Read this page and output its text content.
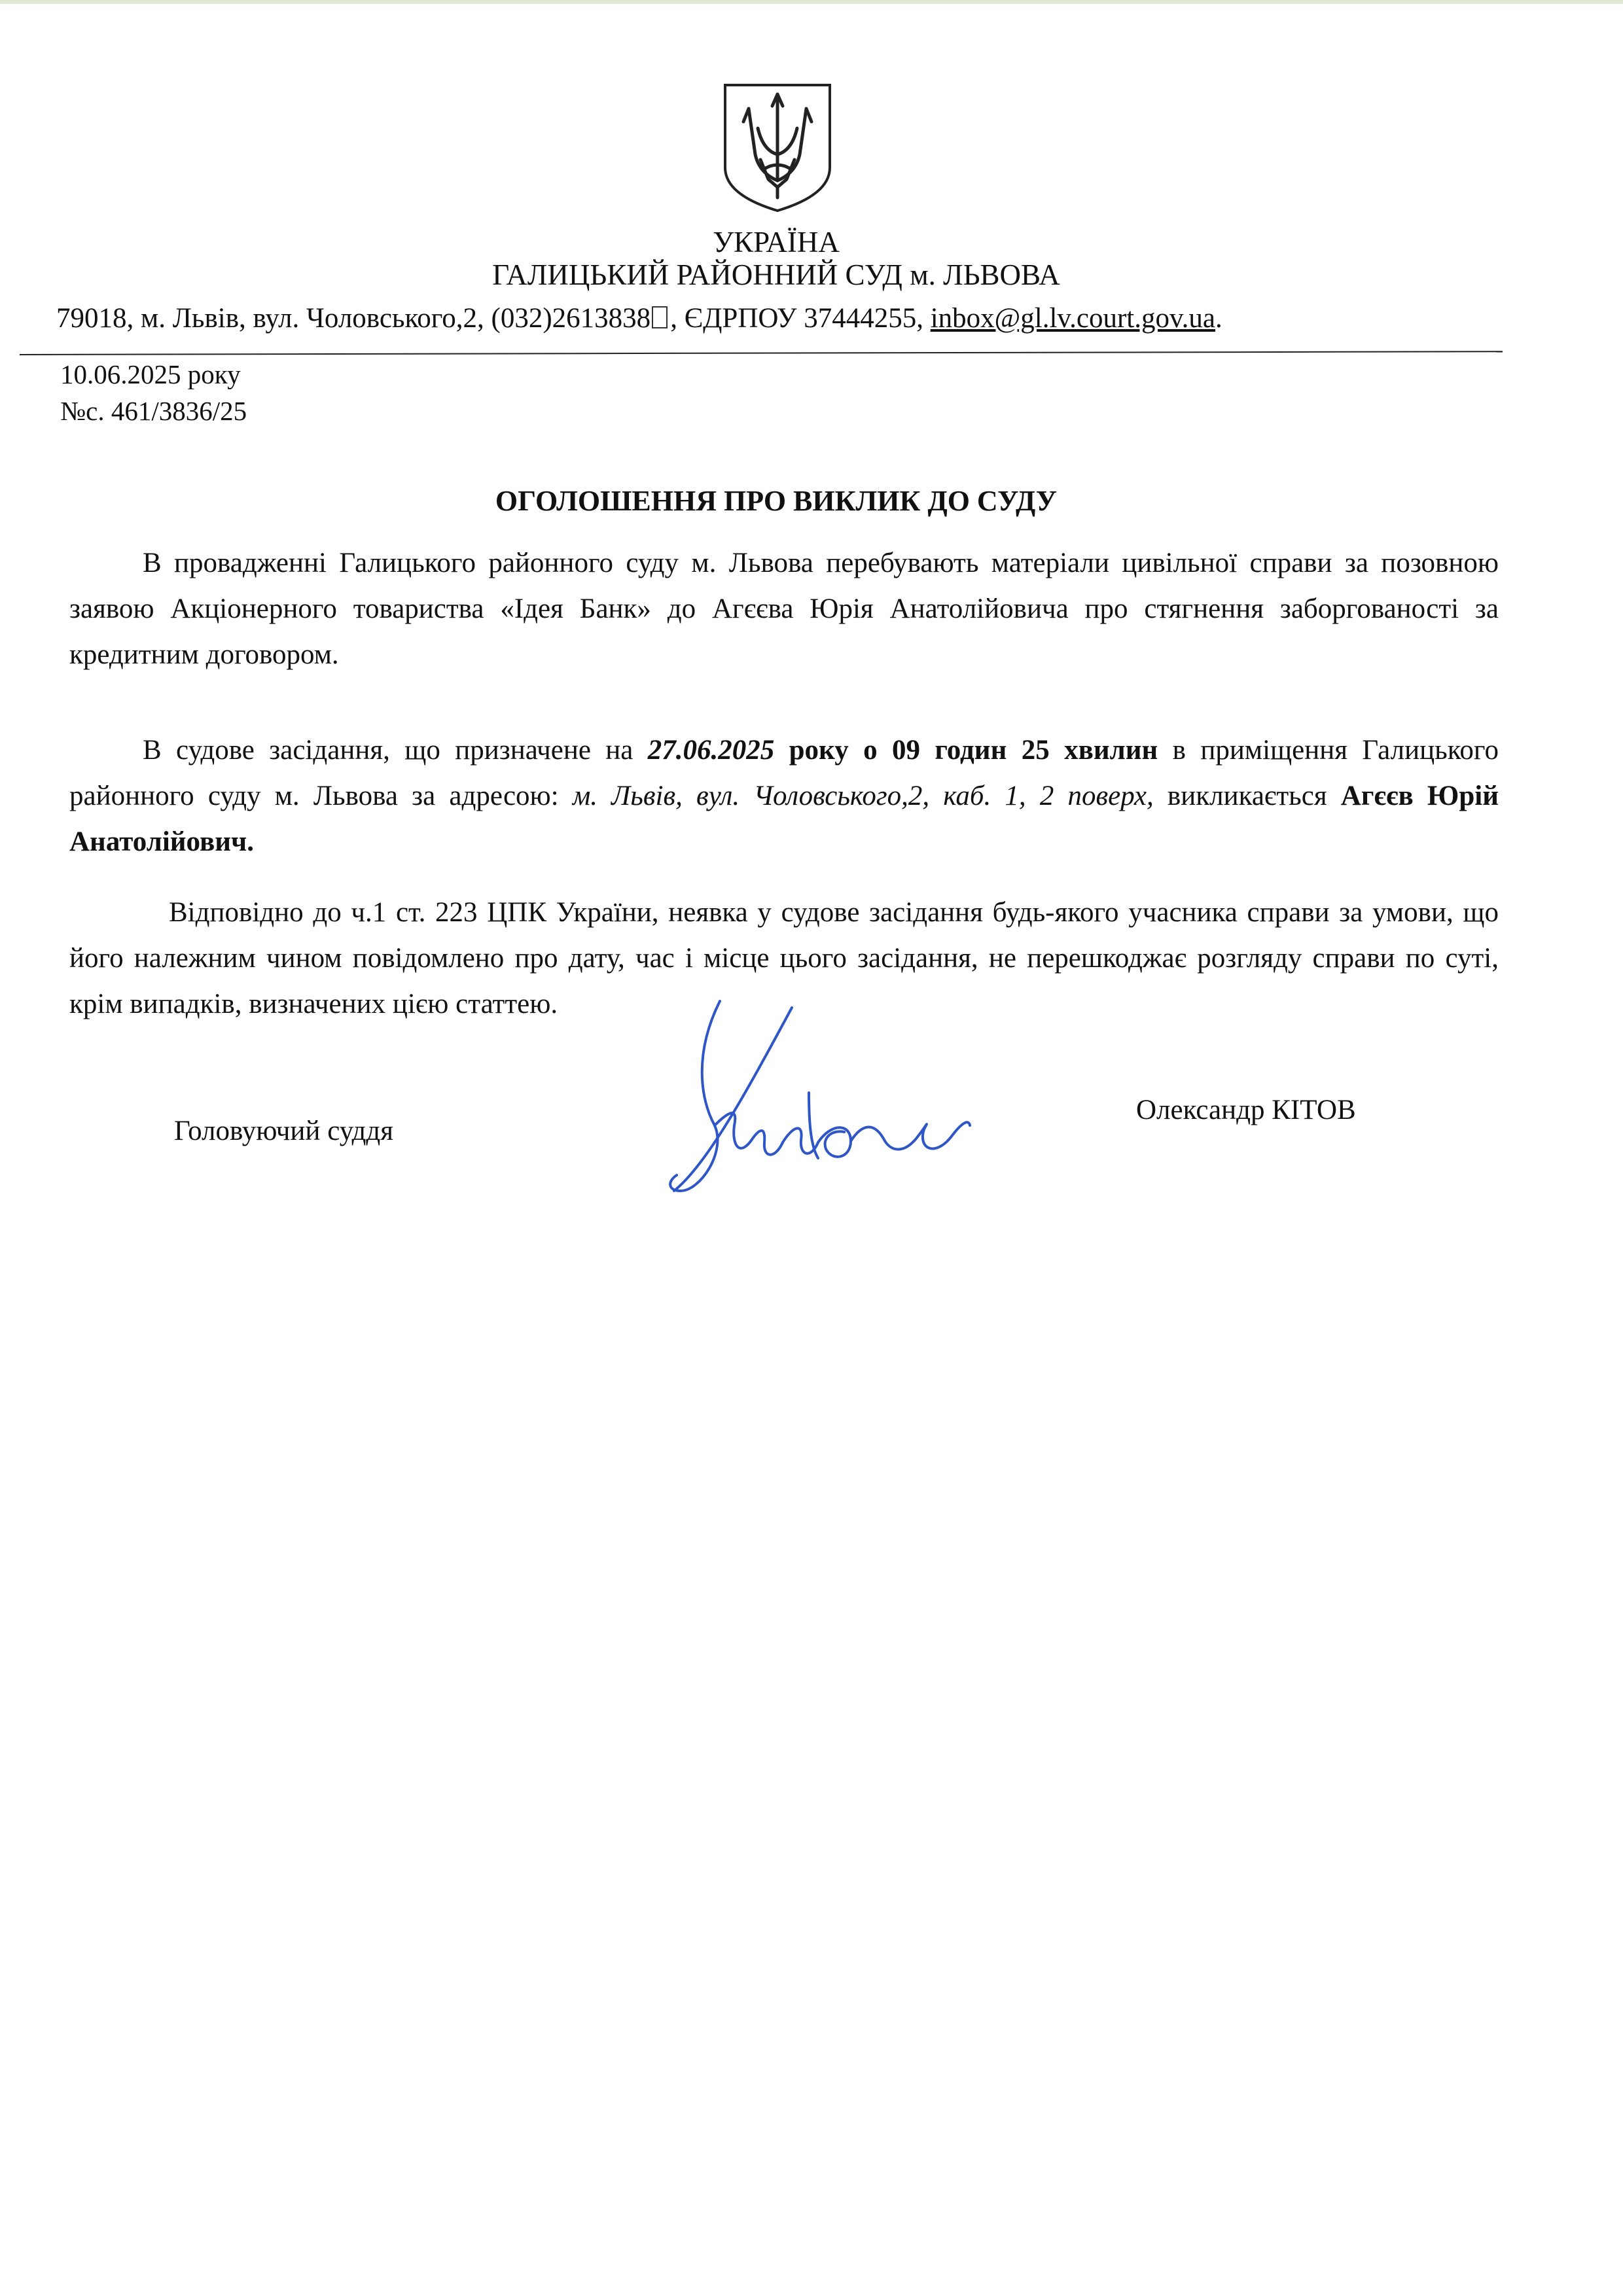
УКРАЇНА
ГАЛИЦЬКИЙ РАЙОННИЙ СУД м. ЛЬВОВА
79018, м. Львів, вул. Чоловського,2, (032)2613838 , ЄДРПОУ 37444255, inbox@gl.lv.court.gov.ua.
10.06.2025 року
№с. 461/3836/25
ОГОЛОШЕННЯ ПРО ВИКЛИК ДО СУДУ
В провадженні Галицького районного суду м. Львова перебувають матеріали цивільної справи за позовною заявою Акціонерного товариства «Ідея Банк» до Агєєва Юрія Анатолійовича про стягнення заборгованості за кредитним договором.
В судове засідання, що призначене на 27.06.2025 року о 09 годин 25 хвилин в приміщення Галицького районного суду м. Львова за адресою: м. Львів, вул. Чоловського,2, каб. 1, 2 поверх, викликається Агєєв Юрій Анатолійович.
Відповідно до ч.1 ст. 223 ЦПК України, неявка у судове засідання будь-якого учасника справи за умови, що його належним чином повідомлено про дату, час і місце цього засідання, не перешкоджає розгляду справи по суті, крім випадків, визначених цією статтею.
Головуючий суддя
Олександр КІТОВ
